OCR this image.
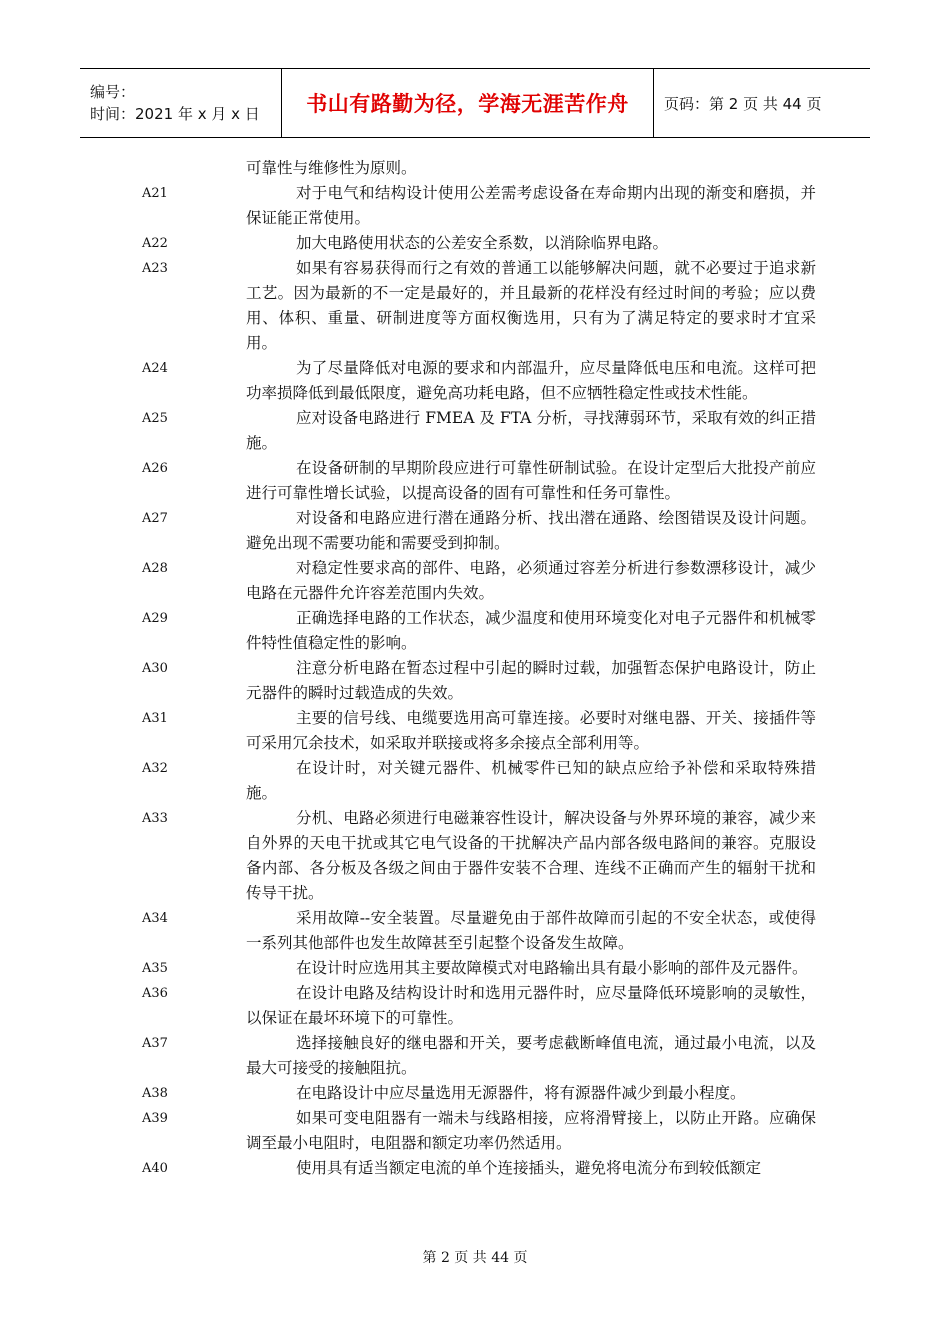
编号：
时间：2021 年 x 月 x 日	书山有路勤为径，学海无涯苦作舟 页码：第 2 页 共 44 页
可靠性与维修性为原则。
A21	对于电气和结构设计使用公差需考虑设备在寿命期内出现的渐变和磨损，并保证能正常使用。
A22	加大电路使用状态的公差安全系数，以消除临界电路。
A23	如果有容易获得而行之有效的普通工以能够解决问题，就不必要过于追求新工艺。因为最新的不一定是最好的，并且最新的花样没有经过时间的考验；应以费用、体积、重量、研制进度等方面权衡选用，只有为了满足特定的要求时才宜采用。
A24	为了尽量降低对电源的要求和内部温升，应尽量降低电压和电流。这样可把功率损降低到最低限度，避免高功耗电路，但不应牺牲稳定性或技术性能。
A25	应对设备电路进行 FMEA 及 FTA 分析，寻找薄弱环节，采取有效的纠正措施。
A26	在设备研制的早期阶段应进行可靠性研制试验。在设计定型后大批投产前应进行可靠性增长试验，以提高设备的固有可靠性和任务可靠性。
A27	对设备和电路应进行潜在通路分析、找出潜在通路、绘图错误及设计问题。避免出现不需要功能和需要受到抑制。
A28	对稳定性要求高的部件、电路，必须通过容差分析进行参数漂移设计，减少电路在元器件允许容差范围内失效。
A29	正确选择电路的工作状态，减少温度和使用环境变化对电子元器件和机械零件特性值稳定性的影响。
A30	注意分析电路在暂态过程中引起的瞬时过载，加强暂态保护电路设计，防止元器件的瞬时过载造成的失效。
A31	主要的信号线、电缆要选用高可靠连接。必要时对继电器、开关、接插件等可采用冗余技术，如采取并联接或将多余接点全部利用等。
A32	在设计时，对关键元器件、机械零件已知的缺点应给予补偿和采取特殊措施。
A33	分机、电路必须进行电磁兼容性设计，解决设备与外界环境的兼容，减少来自外界的天电干扰或其它电气设备的干扰解决产品内部各级电路间的兼容。克服设备内部、各分板及各级之间由于器件安装不合理、连线不正确而产生的辐射干扰和传导干扰。
A34	采用故障--安全装置。尽量避免由于部件故障而引起的不安全状态，或使得一系列其他部件也发生故障甚至引起整个设备发生故障。
A35	在设计时应选用其主要故障模式对电路输出具有最小影响的部件及元器件。
A36	在设计电路及结构设计时和选用元器件时，应尽量降低环境影响的灵敏性，以保证在最坏环境下的可靠性。
A37	选择接触良好的继电器和开关，要考虑截断峰值电流，通过最小电流，以及最大可接受的接触阻抗。
A38	在电路设计中应尽量选用无源器件，将有源器件减少到最小程度。
A39	如果可变电阻器有一端未与线路相接，应将滑臂接上，以防止开路。应确保调至最小电阻时，电阻器和额定功率仍然适用。
A40	使用具有适当额定电流的单个连接插头，避免将电流分布到较低额定
第 2 页 共 44 页
